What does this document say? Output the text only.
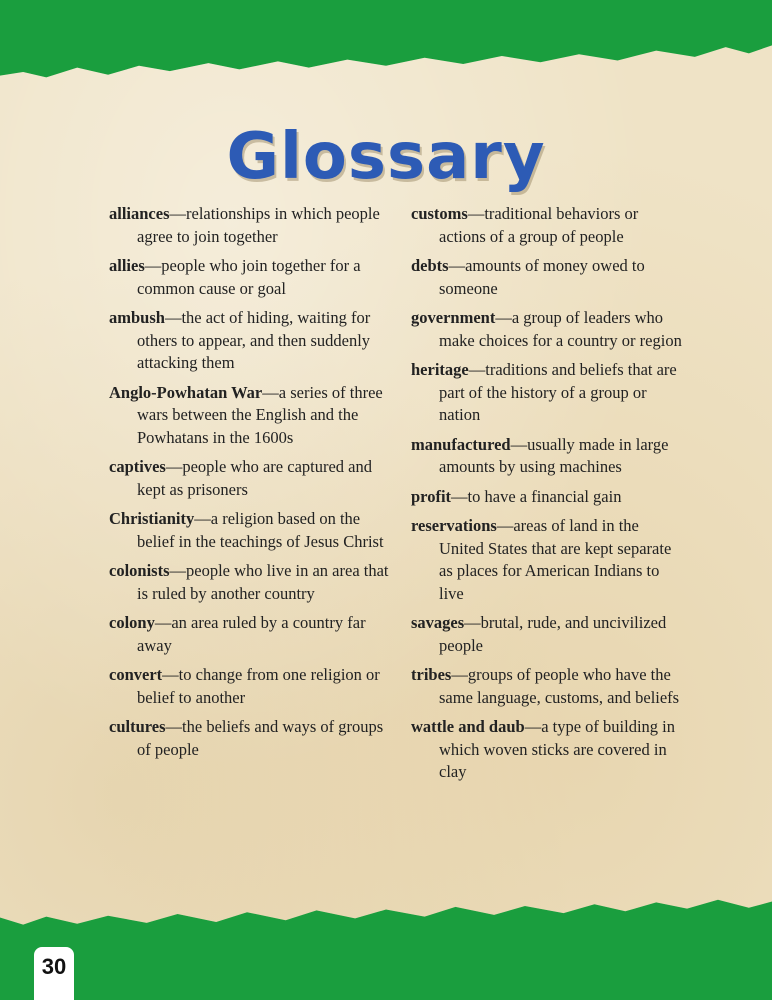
Glossary

alliances—relationships in which people agree to join together

allies—people who join together for a common cause or goal

ambush—the act of hiding, waiting for others to appear, and then suddenly attacking them

Anglo-Powhatan War—a series of three wars between the English and the Powhatans in the 1600s

captives—people who are captured and kept as prisoners

Christianity—a religion based on the belief in the teachings of Jesus Christ

colonists—people who live in an area that is ruled by another country

colony—an area ruled by a country far away

convert—to change from one religion or belief to another

cultures—the beliefs and ways of groups of people

customs—traditional behaviors or actions of a group of people

debts—amounts of money owed to someone

government—a group of leaders who make choices for a country or region

heritage—traditions and beliefs that are part of the history of a group or nation

manufactured—usually made in large amounts by using machines

profit—to have a financial gain

reservations—areas of land in the United States that are kept separate as places for American Indians to live

savages—brutal, rude, and uncivilized people

tribes—groups of people who have the same language, customs, and beliefs

wattle and daub—a type of building in which woven sticks are covered in clay

30
